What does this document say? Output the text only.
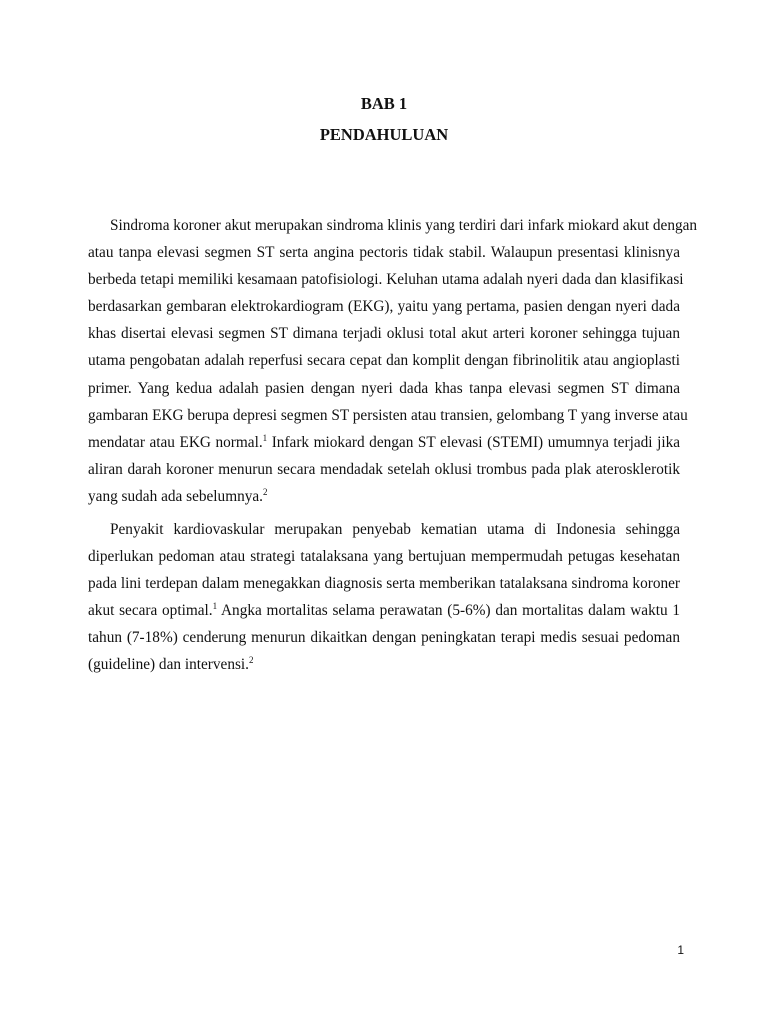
BAB 1
PENDAHULUAN
Sindroma koroner akut merupakan sindroma klinis yang terdiri dari infark miokard akut dengan
atau tanpa elevasi segmen ST serta angina pectoris tidak stabil. Walaupun presentasi klinisnya
berbeda tetapi memiliki kesamaan patofisiologi. Keluhan utama adalah nyeri dada dan klasifikasi
berdasarkan gembaran elektrokardiogram (EKG), yaitu yang pertama, pasien dengan nyeri dada
khas disertai elevasi segmen ST dimana terjadi oklusi total akut arteri koroner sehingga tujuan
utama pengobatan adalah reperfusi secara cepat dan komplit dengan fibrinolitik atau angioplasti
primer. Yang kedua adalah pasien dengan nyeri dada khas tanpa elevasi segmen ST dimana
gambaran EKG berupa depresi segmen ST persisten atau transien, gelombang T yang inverse atau
mendatar atau EKG normal.$^1$ Infark miokard dengan ST elevasi (STEMI) umumnya terjadi jika
aliran darah koroner menurun secara mendadak setelah oklusi trombus pada plak aterosklerotik
yang sudah ada sebelumnya.$^2$
Penyakit kardiovaskular merupakan penyebab kematian utama di Indonesia sehingga
diperlukan pedoman atau strategi tatalaksana yang bertujuan mempermudah petugas kesehatan
pada lini terdepan dalam menegakkan diagnosis serta memberikan tatalaksana sindroma koroner
akut secara optimal.$^1$ Angka mortalitas selama perawatan (5-6%) dan mortalitas dalam waktu 1
tahun (7-18%) cenderung menurun dikaitkan dengan peningkatan terapi medis sesuai pedoman
(guideline) dan intervensi.$^2$
1
